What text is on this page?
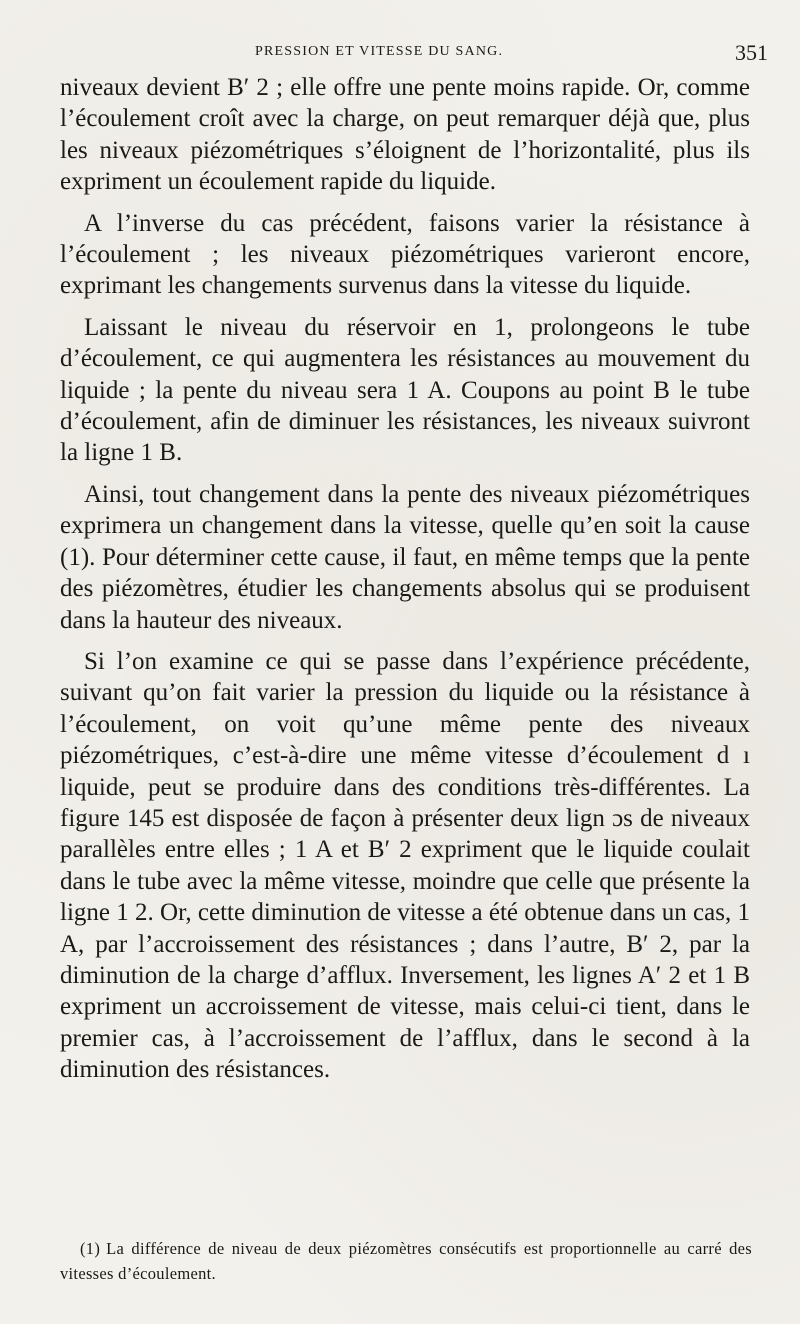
PRESSION ET VITESSE DU SANG.	351

niveaux devient B′ 2 ; elle offre une pente moins rapide. Or, comme l’écoulement croît avec la charge, on peut remarquer déjà que, plus les niveaux piézométriques s’éloignent de l’horizontalité, plus ils expriment un écoulement rapide du liquide.

A l’inverse du cas précédent, faisons varier la résistance à l’écoulement ; les niveaux piézométriques varieront encore, exprimant les changements survenus dans la vitesse du liquide.

Laissant le niveau du réservoir en 1, prolongeons le tube d’écoulement, ce qui augmentera les résistances au mouvement du liquide ; la pente du niveau sera 1 A. Coupons au point B le tube d’écoulement, afin de diminuer les résistances, les niveaux suivront la ligne 1 B.

Ainsi, tout changement dans la pente des niveaux piézométriques exprimera un changement dans la vitesse, quelle qu’en soit la cause (1). Pour déterminer cette cause, il faut, en même temps que la pente des piézomètres, étudier les changements absolus qui se produisent dans la hauteur des niveaux.

Si l’on examine ce qui se passe dans l’expérience précédente, suivant qu’on fait varier la pression du liquide ou la résistance à l’écoulement, on voit qu’une même pente des niveaux piézométriques, c’est-à-dire une même vitesse d’écoulement d ı liquide, peut se produire dans des conditions très-différentes. La figure 145 est disposée de façon à présenter deux lign ɔs de niveaux parallèles entre elles ; 1 A et B′ 2 expriment que le liquide coulait dans le tube avec la même vitesse, moindre que celle que présente la ligne 1 2. Or, cette diminution de vitesse a été obtenue dans un cas, 1 A, par l’accroissement des résistances ; dans l’autre, B′ 2, par la diminution de la charge d’afflux. Inversement, les lignes A′ 2 et 1 B expriment un accroissement de vitesse, mais celui-ci tient, dans le premier cas, à l’accroissement de l’afflux, dans le second à la diminution des résistances.

(1) La différence de niveau de deux piézomètres consécutifs est proportionnelle au carré des vitesses d’écoulement.
